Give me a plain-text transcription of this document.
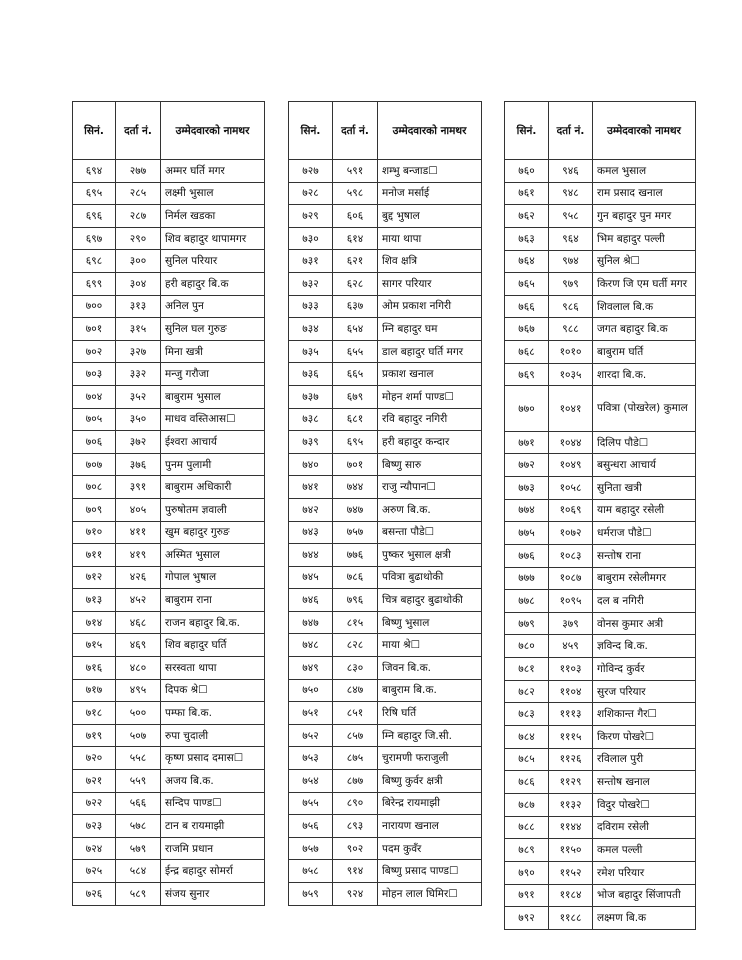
सिनं.	दर्ता नं.	उम्मेदवारको नामथर
६९४	२७७	अम्मर घर्ति मगर
६९५	२८५	लक्ष्मी भुसाल
६९६	२८७	निर्मल खडका
६९७	२९०	शिव बहादुर थापामगर
६९८	३००	सुनिल परियार
६९९	३०४	हरी बहादुर बि.क
७००	३१३	अनिल पुन
७०१	३१५	सुनिल घल गुरुङ
७०२	३२७	मिना खत्री
७०३	३३२	मन्जु गरौजा
७०४	३५२	बाबुराम भुसाल
७०५	३५०	माधव वस्तिआस☐
७०६	३७२	ईश्वरा आचार्य
७०७	३७६	पुनम पुलामी
७०८	३९१	बाबुराम अधिकारी
७०९	४०५	पुरुषोतम ज्ञवाली
७१०	४११	खुम बहादुर गुरुङ
७११	४१९	अस्मित भुसाल
७१२	४२६	गोपाल भुषाल
७१३	४५२	बाबुराम राना
७१४	४६८	राजन बहादुर बि.क.
७१५	४६९	शिव बहादुर घर्ति
७१६	४८०	सरस्वता थापा
७१७	४९५	दिपक श्रे☐
७१८	५००	पम्फा बि.क.
७१९	५०७	रुपा चुदाली
७२०	५५८	कृष्ण प्रसाद दमास☐
७२१	५५९	अजय बि.क.
७२२	५६६	सन्दिप पाण्ड☐
७२३	५७८	टान ब रायमाझी
७२४	५७९	राजमि प्रधान
७२५	५८४	ईन्द्र बहादुर सोमर्रा
७२६	५८९	संजय सुनार
सिनं.	दर्ता नं.	उम्मेदवारको नामथर
७२७	५९१	शम्भु बन्जाड☐
७२८	५९८	मनोज मर्साई
७२९	६०६	बुद्द भुषाल
७३०	६१४	माया थापा
७३१	६२१	शिव क्षत्रि
७३२	६२८	सागर परियार
७३३	६३७	ओम प्रकाश नगिरी
७३४	६५४	म्नि बहादुर घम
७३५	६५५	डाल बहादुर घर्ति मगर
७३६	६६५	प्रकाश खनाल
७३७	६७९	मोहन शर्मा पाण्ड☐
७३८	६८१	रवि बहादुर नगिरी
७३९	६९५	हरी बहादुर कन्दार
७४०	७०१	बिष्णु सारु
७४१	७४४	राजु न्यौपान☐
७४२	७४७	अरुण बि.क.
७४३	७५७	बसन्ता पौडे☐
७४४	७७६	पुष्कर भुसाल क्षत्री
७४५	७८६	पवित्रा बुढाथोकी
७४६	७९६	चित्र बहादुर बुढाथोकी
७४७	८१५	बिष्णु भुसाल
७४८	८२८	माया श्रे☐
७४९	८३०	जिवन बि.क.
७५०	८४७	बाबुराम बि.क.
७५१	८५१	रिषि घर्ति
७५२	८५७	म्नि बहादुर जि.सी.
७५३	८७५	चुरामणी फराजुली
७५४	८७७	बिष्णु कुर्वर क्षत्री
७५५	८९०	बिरेन्द्र रायमाझी
७५६	८९३	नारायण खनाल
७५७	९०२	पदम कुवँर
७५८	९१४	बिष्णु प्रसाद पाण्ड☐
७५९	९२४	मोहन लाल घिमिर☐
सिनं.	दर्ता नं.	उम्मेदवारको नामथर
७६०	९४६	कमल भुसाल
७६१	९४८	राम प्रसाद खनाल
७६२	९५८	गुन बहादुर पुन मगर
७६३	९६४	भिम बहादुर पल्ली
७६४	९७४	सुनिल श्रे☐
७६५	९७९	किरण जि एम घर्ती मगर
७६६	९८६	शिवलाल बि.क
७६७	९८८	जगत बहादुर बि.क
७६८	१०१०	बाबुराम घर्ति
७६९	१०३५	शारदा बि.क.
७७०	१०४१	पवित्रा (पोखरेल) कुमाल
७७१	१०४४	दिलिप पौडे☐
७७२	१०४९	बसुन्धरा आचार्य
७७३	१०५८	सुनिता खत्री
७७४	१०६९	याम बहादुर रसेली
७७५	१०७२	धर्मराज पौडे☐
७७६	१०८३	सन्तोष राना
७७७	१०८७	बाबुराम रसेलीमगर
७७८	१०९५	दल ब नगिरी
७७९	३७९	वोनस कुमार अत्री
७८०	४५९	ज्ञविन्द बि.क.
७८१	११०३	गोविन्द कुर्वर
७८२	११०४	सुरज परियार
७८३	१११३	शशिकान्त गैर☐
७८४	१११५	किरण पोखरे☐
७८५	११२६	रविलाल पुरी
७८६	११२९	सन्तोष खनाल
७८७	११३२	विदुर पोखरे☐
७८८	११४४	दविराम रसेली
७८९	११५०	कमल पल्ली
७९०	११५२	रमेश परियार
७९१	११८४	भोज बहादुर सिंजापती
७९२	११८८	लक्ष्मण बि.क
